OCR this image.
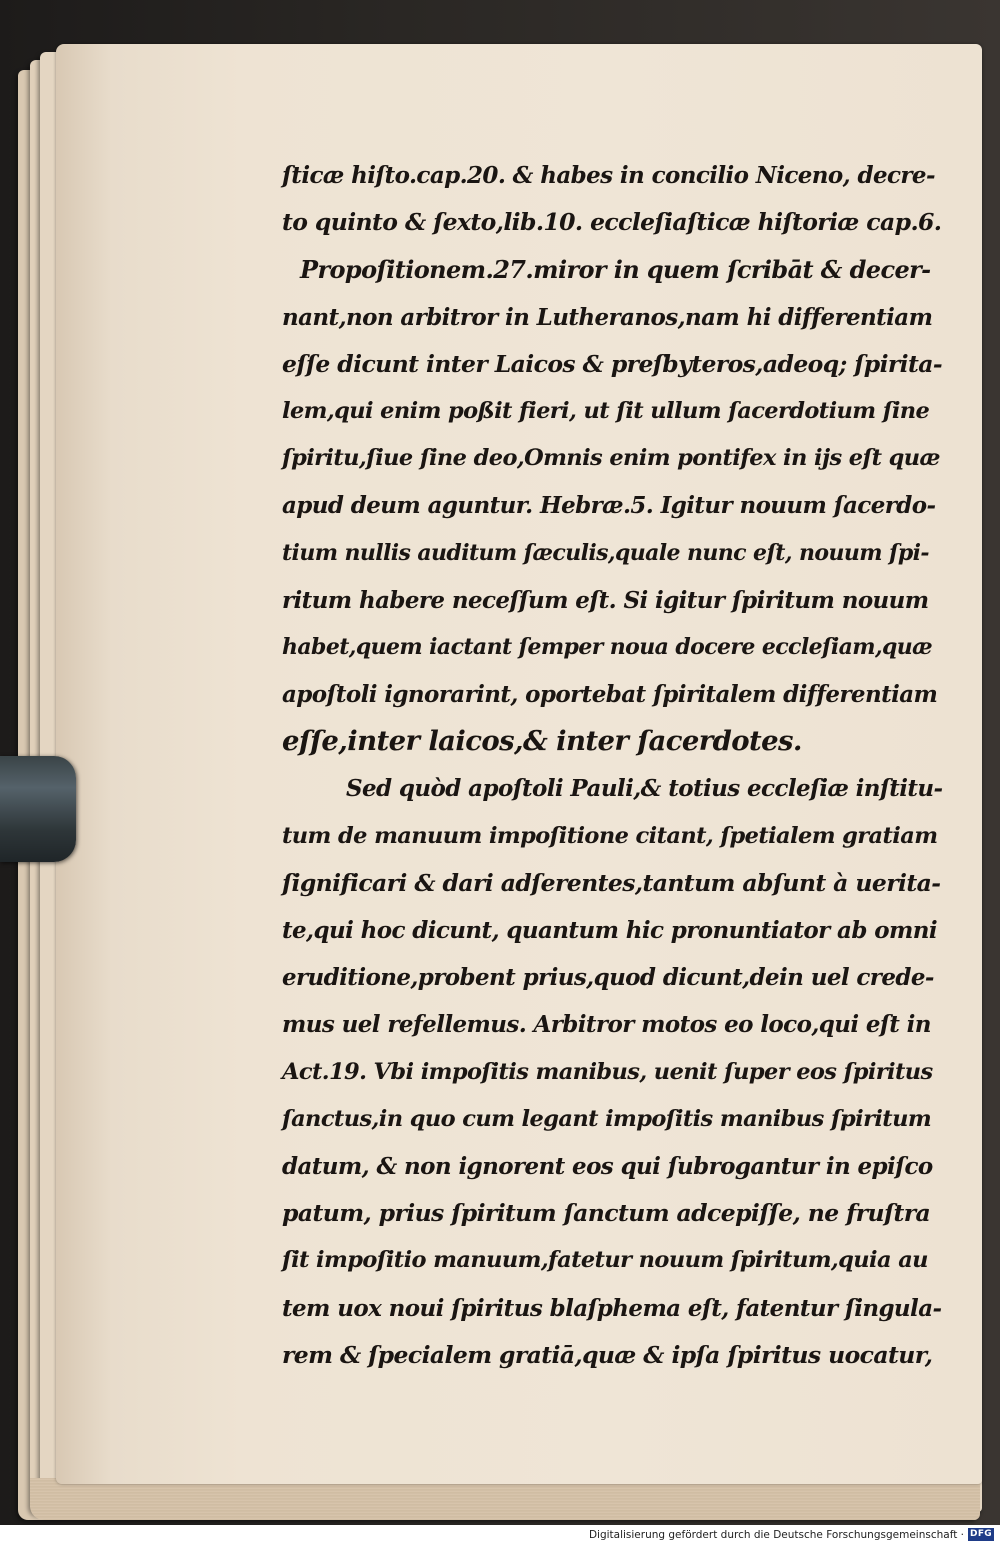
ſticæ hiſto.cap.20. & habes in concilio Niceno, decre-
to quinto & ſexto,lib.10. eccleſiaſticæ hiſtoriæ cap.6.
Propoſitionem.27.miror in quem ſcribāt & decer-
nant,non arbitror in Lutheranos,nam hi differentiam
eſſe dicunt inter Laicos & preſbyteros,adeoq; ſpirita-
lem,qui enim poßit fieri, ut ſit ullum ſacerdotium ſine
ſpiritu,ſiue ſine deo,Omnis enim pontifex in ijs eſt quæ
apud deum aguntur. Hebræ.5. Igitur nouum ſacerdo-
tium nullis auditum ſæculis,quale nunc eſt, nouum ſpi-
ritum habere neceſſum eſt. Si igitur ſpiritum nouum
habet,quem iactant ſemper noua docere eccleſiam,quæ
apoſtoli ignorarint, oportebat ſpiritalem differentiam
eſſe,inter laicos,& inter ſacerdotes.
Sed quòd apoſtoli Pauli,& totius eccleſiæ inſtitu-
tum de manuum impoſitione citant, ſpetialem gratiam
ſignificari & dari adſerentes,tantum abſunt à ueritа-
te,qui hoc dicunt, quantum hic pronuntiator ab omni
eruditione,probent prius,quod dicunt,dein uel crede-
mus uel refellemus. Arbitror motos eo loco,qui eſt in
Act.19. Vbi impoſitis manibus, uenit ſuper eos ſpiritus
ſanctus,in quo cum legant impoſitis manibus ſpiritum
datum, & non ignorent eos qui ſubrogantur in epiſco
patum, prius ſpiritum ſanctum adcepiſſe, ne fruſtra
ſit impoſitio manuum,fatetur nouum ſpiritum,quia au
tem uox noui ſpiritus blaſphema eſt, fatentur ſingula-
rem & ſpecialem gratiā,quæ & ipſa ſpiritus uocatur,
Digitalisierung gefördert durch die Deutsche Forschungsgemeinschaft · DFG
